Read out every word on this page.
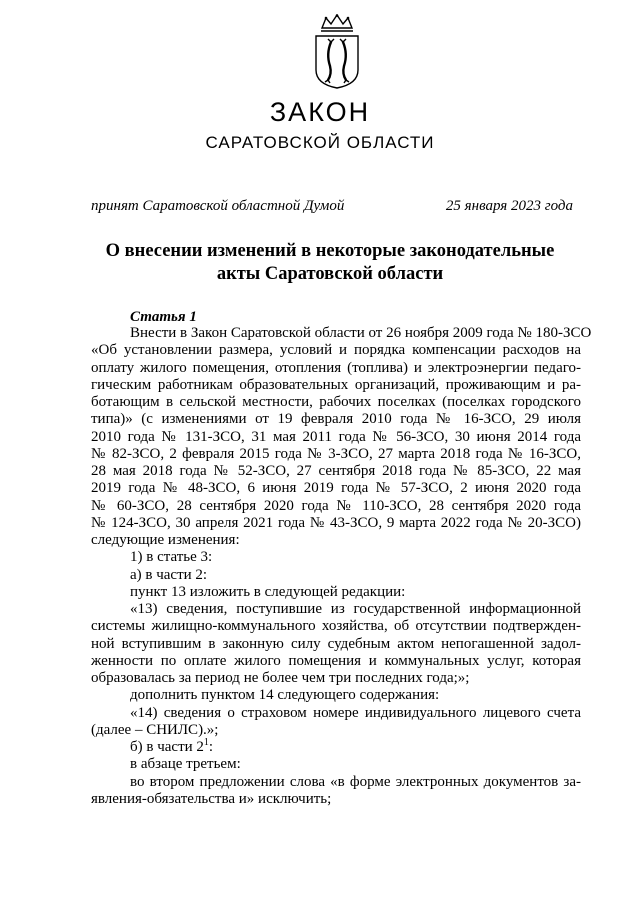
ЗАКОН
САРАТОВСКОЙ ОБЛАСТИ
принят Саратовской областной Думой	25 января 2023 года
О внесении изменений в некоторые законодательные
акты Саратовской области
Статья 1
Внести в Закон Саратовской области от 26 ноября 2009 года № 180-ЗСО
«Об установлении размера, условий и порядка компенсации расходов на
оплату жилого помещения, отопления (топлива) и электроэнергии педаго-
гическим работникам образовательных организаций, проживающим и ра-
ботающим в сельской местности, рабочих поселках (поселках городского
типа)» (с изменениями от 19 февраля 2010 года № 16-ЗСО, 29 июля
2010 года № 131-ЗСО, 31 мая 2011 года № 56-ЗСО, 30 июня 2014 года
№ 82-ЗСО, 2 февраля 2015 года № 3-ЗСО, 27 марта 2018 года № 16-ЗСО,
28 мая 2018 года № 52-ЗСО, 27 сентября 2018 года № 85-ЗСО, 22 мая
2019 года № 48-ЗСО, 6 июня 2019 года № 57-ЗСО, 2 июня 2020 года
№ 60-ЗСО, 28 сентября 2020 года № 110-ЗСО, 28 сентября 2020 года
№ 124-ЗСО, 30 апреля 2021 года № 43-ЗСО, 9 марта 2022 года № 20-ЗСО)
следующие изменения:
1) в статье 3:
а) в части 2:
пункт 13 изложить в следующей редакции:
«13) сведения, поступившие из государственной информационной
системы жилищно-коммунального хозяйства, об отсутствии подтвержден-
ной вступившим в законную силу судебным актом непогашенной задол-
женности по оплате жилого помещения и коммунальных услуг, которая
образовалась за период не более чем три последних года;»;
дополнить пунктом 14 следующего содержания:
«14) сведения о страховом номере индивидуального лицевого счета
(далее – СНИЛС).»;
б) в части $2^1$:
в абзаце третьем:
во втором предложении слова «в форме электронных документов за-
явления-обязательства и» исключить;
